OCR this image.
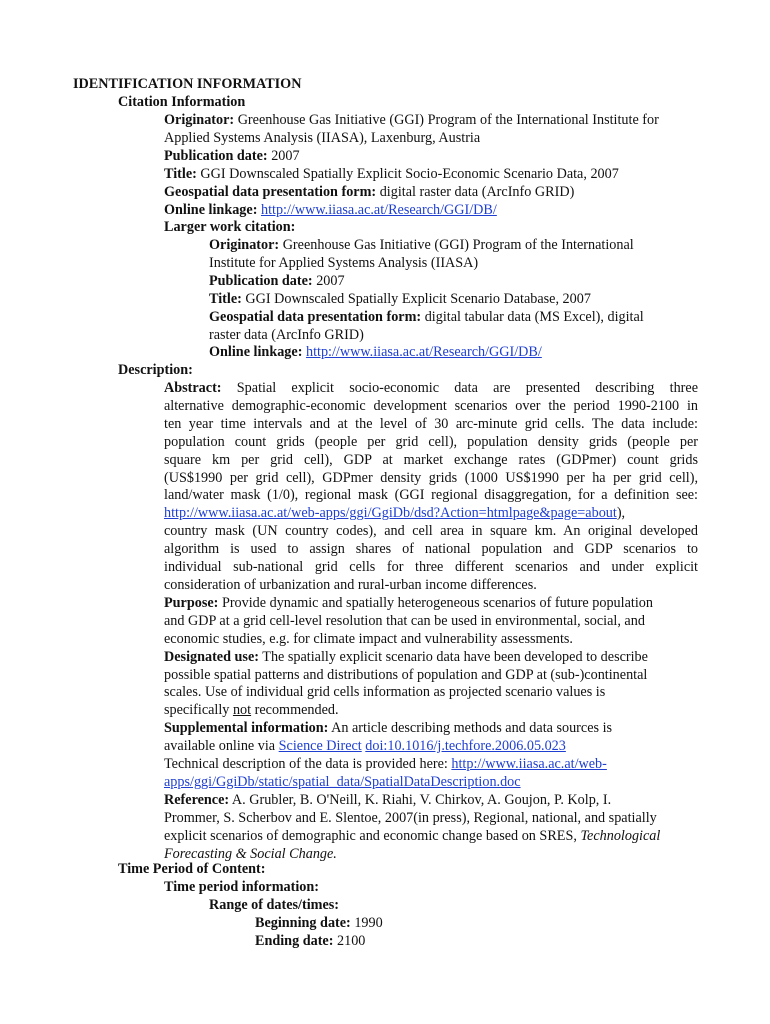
IDENTIFICATION INFORMATION
Citation Information
Originator: Greenhouse Gas Initiative (GGI) Program of the International Institute for
Applied Systems Analysis (IIASA), Laxenburg, Austria
Publication date: 2007
Title: GGI Downscaled Spatially Explicit Socio-Economic Scenario Data, 2007
Geospatial data presentation form: digital raster data (ArcInfo GRID)
Online linkage: http://www.iiasa.ac.at/Research/GGI/DB/
Larger work citation:
Originator: Greenhouse Gas Initiative (GGI) Program of the International
Institute for Applied Systems Analysis (IIASA)
Publication date: 2007
Title: GGI Downscaled Spatially Explicit Scenario Database, 2007
Geospatial data presentation form: digital tabular data (MS Excel), digital
raster data (ArcInfo GRID)
Online linkage: http://www.iiasa.ac.at/Research/GGI/DB/
Description:
Abstract: Spatial explicit socio-economic data are presented describing three
alternative demographic-economic development scenarios over the period 1990-2100 in
ten year time intervals and at the level of 30 arc-minute grid cells. The data include:
population count grids (people per grid cell), population density grids (people per
square km per grid cell), GDP at market exchange rates (GDPmer) count grids
(US$1990 per grid cell), GDPmer density grids (1000 US$1990 per ha per grid cell),
land/water mask (1/0), regional mask (GGI regional disaggregation, for a definition see:
http://www.iiasa.ac.at/web-apps/ggi/GgiDb/dsd?Action=htmlpage&page=about),
country mask (UN country codes), and cell area in square km. An original developed
algorithm is used to assign shares of national population and GDP scenarios to
individual sub-national grid cells for three different scenarios and under explicit
consideration of urbanization and rural-urban income differences.
Purpose: Provide dynamic and spatially heterogeneous scenarios of future population
and GDP at a grid cell-level resolution that can be used in environmental, social, and
economic studies, e.g. for climate impact and vulnerability assessments.
Designated use: The spatially explicit scenario data have been developed to describe
possible spatial patterns and distributions of population and GDP at (sub-)continental
scales. Use of individual grid cells information as projected scenario values is
specifically not recommended.
Supplemental information: An article describing methods and data sources is
available online via Science Direct doi:10.1016/j.techfore.2006.05.023
Technical description of the data is provided here: http://www.iiasa.ac.at/web-
apps/ggi/GgiDb/static/spatial_data/SpatialDataDescription.doc
Reference: A. Grubler, B. O'Neill, K. Riahi, V. Chirkov, A. Goujon, P. Kolp, I.
Prommer, S. Scherbov and E. Slentoe, 2007(in press), Regional, national, and spatially
explicit scenarios of demographic and economic change based on SRES, Technological
Forecasting & Social Change.
Time Period of Content:
Time period information:
Range of dates/times:
Beginning date: 1990
Ending date: 2100
